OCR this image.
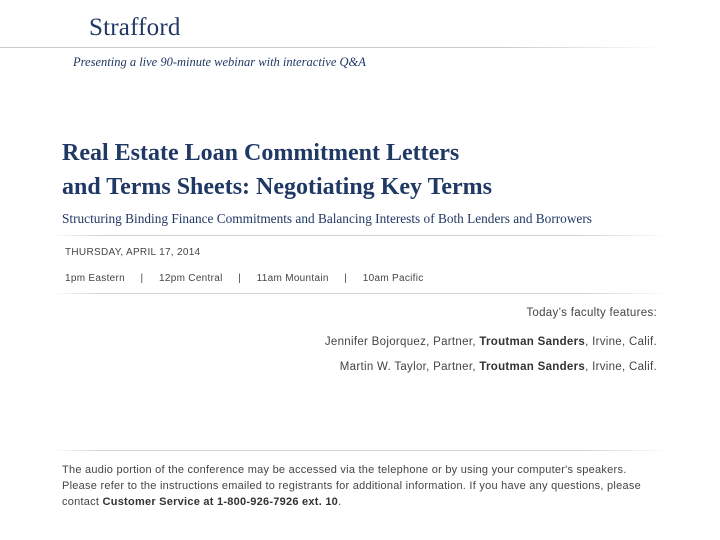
Strafford
Presenting a live 90-minute webinar with interactive Q&A
Real Estate Loan Commitment Letters
and Terms Sheets: Negotiating Key Terms
Structuring Binding Finance Commitments and Balancing Interests of Both Lenders and Borrowers
THURSDAY, APRIL 17, 2014
1pm Eastern | 12pm Central | 11am Mountain | 10am Pacific
Today’s faculty features:
Jennifer Bojorquez, Partner, Troutman Sanders, Irvine, Calif.
Martin W. Taylor, Partner, Troutman Sanders, Irvine, Calif.
The audio portion of the conference may be accessed via the telephone or by using your computer's speakers. Please refer to the instructions emailed to registrants for additional information. If you have any questions, please contact Customer Service at 1-800-926-7926 ext. 10.
